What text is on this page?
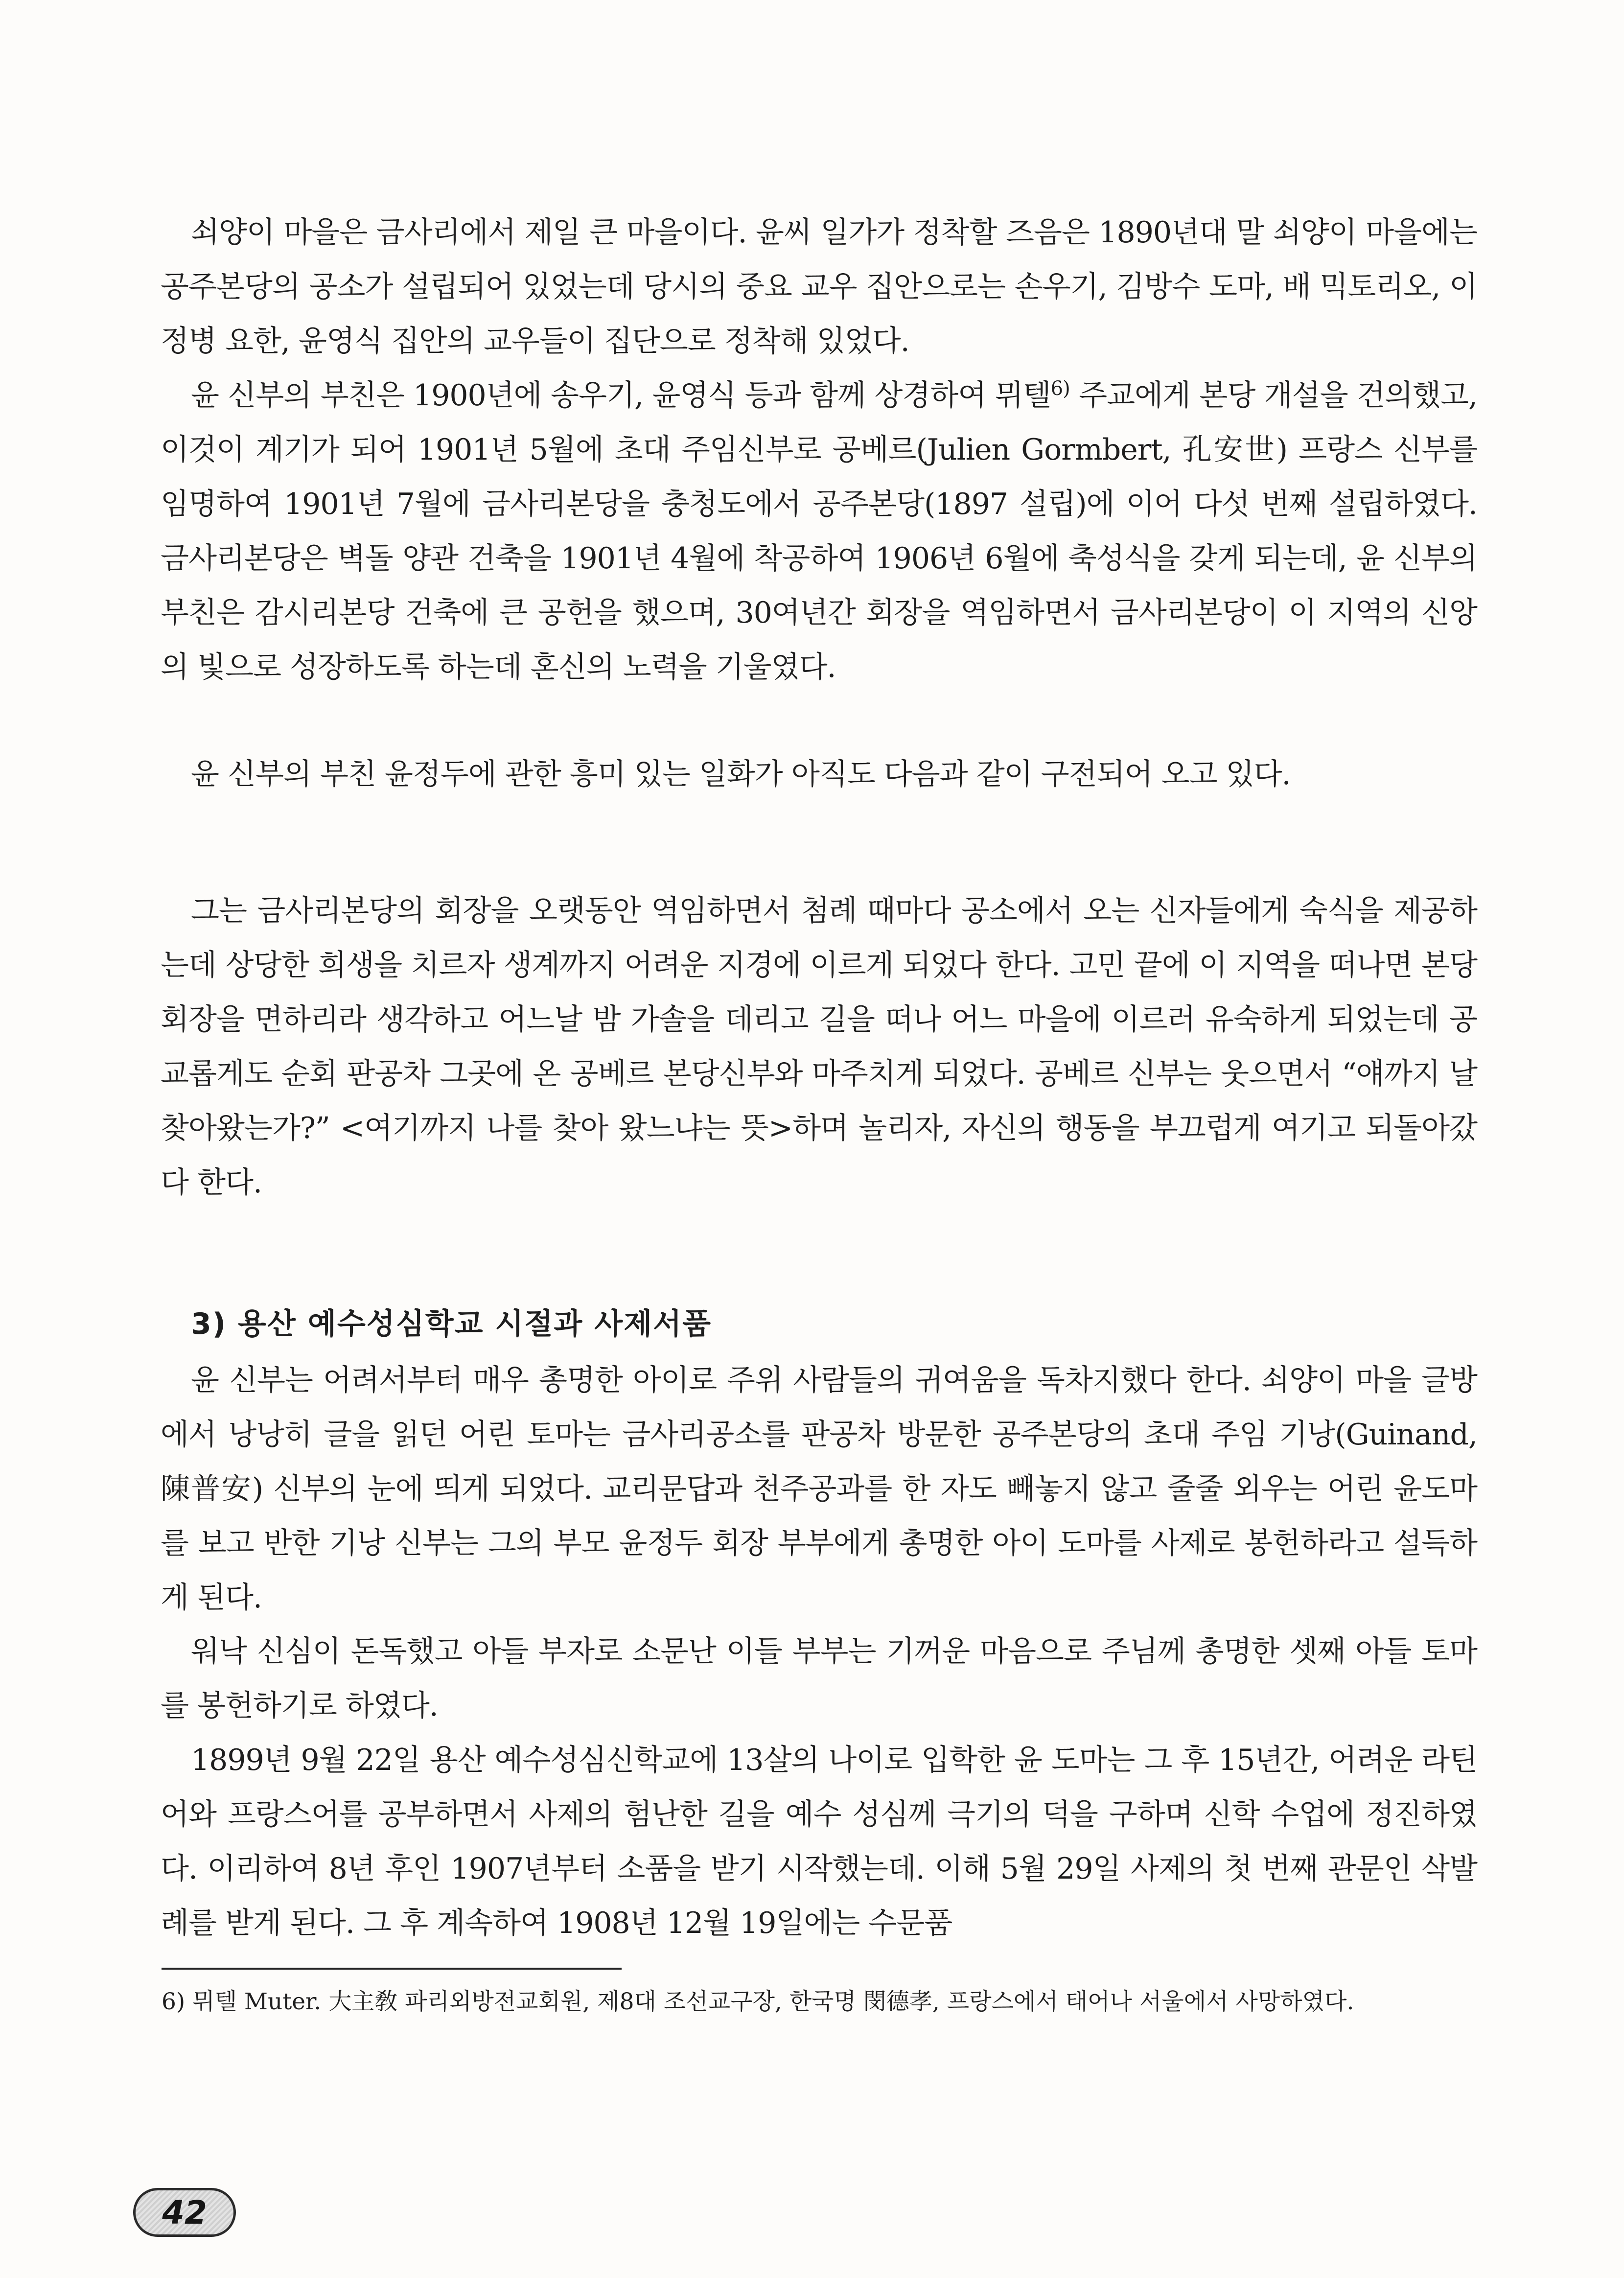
쇠양이 마을은 금사리에서 제일 큰 마을이다. 윤씨 일가가 정착할 즈음은 1890년대 말 쇠양이 마을에는 공주본당의 공소가 설립되어 있었는데 당시의 중요 교우 집안으로는 손우기, 김방수 도마, 배 믹토리오, 이정병 요한, 윤영식 집안의 교우들이 집단으로 정착해 있었다.

윤 신부의 부친은 1900년에 송우기, 윤영식 등과 함께 상경하여 뮈텔$^{6)}$ 주교에게 본당 개설을 건의했고, 이것이 계기가 되어 1901년 5월에 초대 주임신부로 공베르(Julien Gormbert, 孔安世) 프랑스 신부를 임명하여 1901년 7월에 금사리본당을 충청도에서 공주본당(1897 설립)에 이어 다섯 번째 설립하였다. 금사리본당은 벽돌 양관 건축을 1901년 4월에 착공하여 1906년 6월에 축성식을 갖게 되는데, 윤 신부의 부친은 감시리본당 건축에 큰 공헌을 했으며, 30여년간 회장을 역임하면서 금사리본당이 이 지역의 신앙의 빛으로 성장하도록 하는데 혼신의 노력을 기울였다.

윤 신부의 부친 윤정두에 관한 흥미 있는 일화가 아직도 다음과 같이 구전되어 오고 있다.

그는 금사리본당의 회장을 오랫동안 역임하면서 첨례 때마다 공소에서 오는 신자들에게 숙식을 제공하는데 상당한 희생을 치르자 생계까지 어려운 지경에 이르게 되었다 한다. 고민 끝에 이 지역을 떠나면 본당회장을 면하리라 생각하고 어느날 밤 가솔을 데리고 길을 떠나 어느 마을에 이르러 유숙하게 되었는데 공교롭게도 순회 판공차 그곳에 온 공베르 본당신부와 마주치게 되었다. 공베르 신부는 웃으면서 “얘까지 날 찾아왔는가?” <여기까지 나를 찾아 왔느냐는 뜻>하며 놀리자, 자신의 행동을 부끄럽게 여기고 되돌아갔다 한다.

3) 용산 예수성심학교 시절과 사제서품

윤 신부는 어려서부터 매우 총명한 아이로 주위 사람들의 귀여움을 독차지했다 한다. 쇠양이 마을 글방에서 낭낭히 글을 읽던 어린 토마는 금사리공소를 판공차 방문한 공주본당의 초대 주임 기낭(Guinand, 陳普安) 신부의 눈에 띄게 되었다. 교리문답과 천주공과를 한 자도 빼놓지 않고 줄줄 외우는 어린 윤도마를 보고 반한 기낭 신부는 그의 부모 윤정두 회장 부부에게 총명한 아이 도마를 사제로 봉헌하라고 설득하게 된다.

워낙 신심이 돈독했고 아들 부자로 소문난 이들 부부는 기꺼운 마음으로 주님께 총명한 셋째 아들 토마를 봉헌하기로 하였다.

1899년 9월 22일 용산 예수성심신학교에 13살의 나이로 입학한 윤 도마는 그 후 15년간, 어려운 라틴어와 프랑스어를 공부하면서 사제의 험난한 길을 예수 성심께 극기의 덕을 구하며 신학 수업에 정진하였다. 이리하여 8년 후인 1907년부터 소품을 받기 시작했는데. 이해 5월 29일 사제의 첫 번째 관문인 삭발례를 받게 된다. 그 후 계속하여 1908년 12월 19일에는 수문품

6) 뮈텔 Muter. 大主敎 파리외방전교회원, 제8대 조선교구장, 한국명 閔德孝, 프랑스에서 태어나 서울에서 사망하였다.

42
